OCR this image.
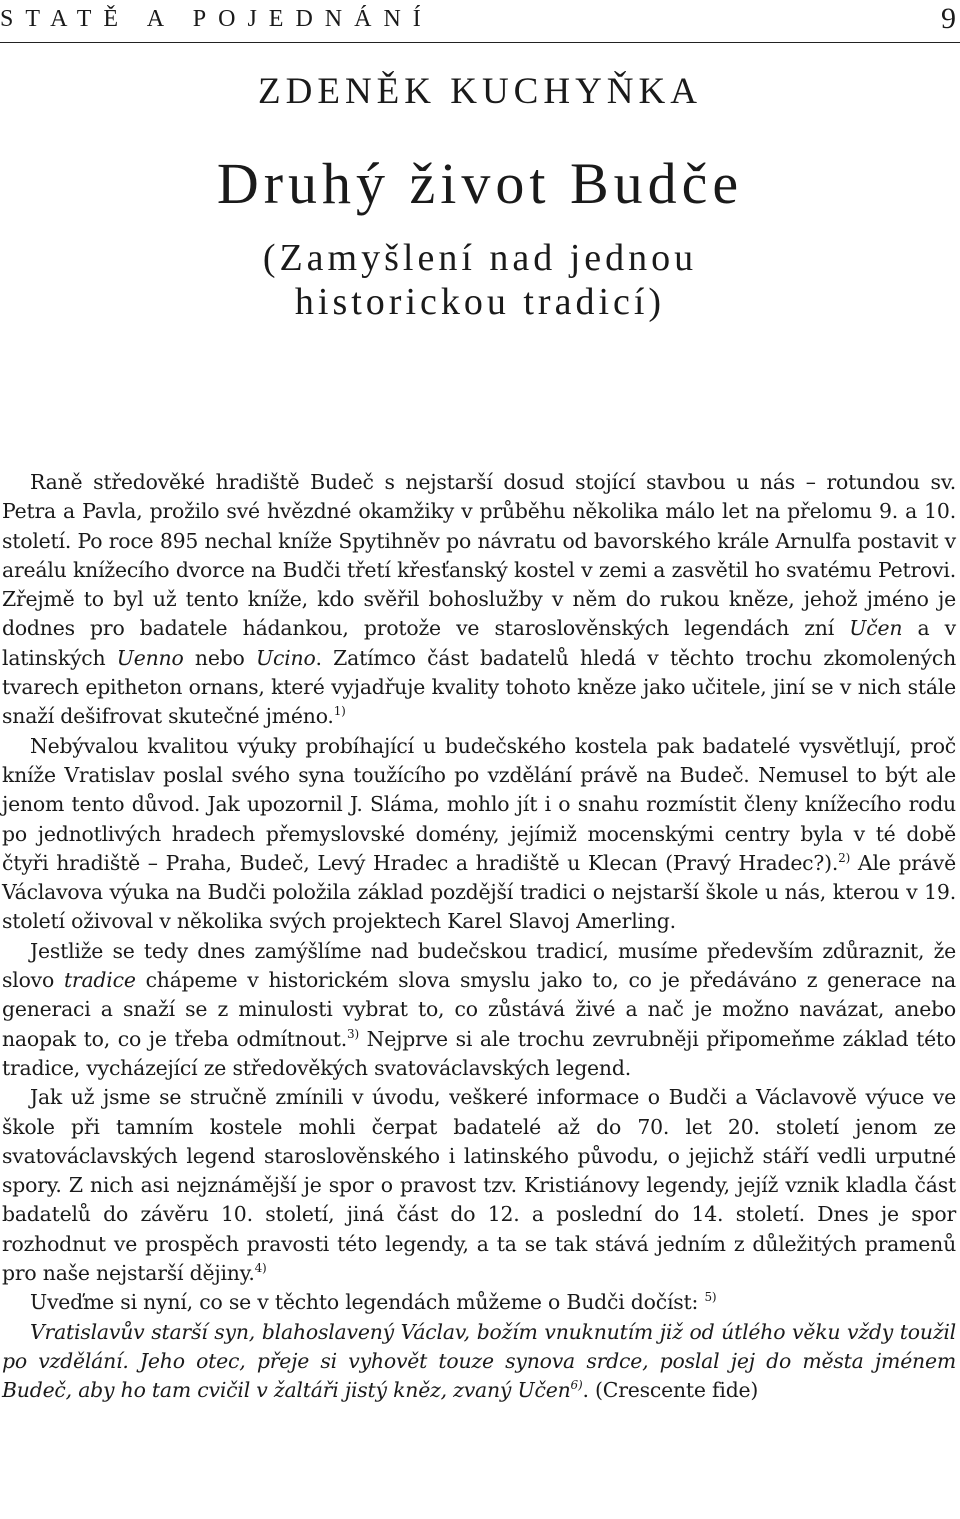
STATĚ A POJEDNÁNÍ	9
ZDENĚK KUCHYŇKA
Druhý život Budče
(Zamyšlení nad jednou
historickou tradicí)

Raně středověké hradiště Budeč s nejstarší dosud stojící stavbou u nás – rotundou sv. Petra a Pavla, prožilo své hvězdné okamžiky v průběhu několika málo let na přelomu 9. a 10. století. Po roce 895 nechal kníže Spytihněv po návratu od bavorského krále Arnulfa postavit v areálu knížecího dvorce na Budči třetí křesťanský kostel v zemi a zasvětil ho svatému Petrovi. Zřejmě to byl už tento kníže, kdo svěřil bohoslužby v něm do rukou kněze, jehož jméno je dodnes pro badatele hádankou, protože ve staroslověnských legendách zní Učen a v latinských Uenno nebo Ucino. Zatímco část badatelů hledá v těchto trochu zkomolených tvarech epitheton ornans, které vyjadřuje kvality tohoto kněze jako učitele, jiní se v nich stále snaží dešifrovat skutečné jméno.$^{1)}$

Nebývalou kvalitou výuky probíhající u budečského kostela pak badatelé vysvětlují, proč kníže Vratislav poslal svého syna toužícího po vzdělání právě na Budeč. Nemusel to být ale jenom tento důvod. Jak upozornil J. Sláma, mohlo jít i o snahu rozmístit členy knížecího rodu po jednotlivých hradech přemyslovské domény, jejímiž mocenskými centry byla v té době čtyři hradiště – Praha, Budeč, Levý Hradec a hradiště u Klecan (Pravý Hradec?).$^{2)}$ Ale právě Václavova výuka na Budči položila základ pozdější tradici o nejstarší škole u nás, kterou v 19. století oživoval v několika svých projektech Karel Slavoj Amerling.

Jestliže se tedy dnes zamýšlíme nad budečskou tradicí, musíme především zdůraznit, že slovo tradice chápeme v historickém slova smyslu jako to, co je předáváno z generace na generaci a snaží se z minulosti vybrat to, co zůstává živé a nač je možno navázat, anebo naopak to, co je třeba odmítnout.$^{3)}$ Nejprve si ale trochu zevrubněji připomeňme základ této tradice, vycházející ze středověkých svatováclavských legend.

Jak už jsme se stručně zmínili v úvodu, veškeré informace o Budči a Václavově výuce ve škole při tamním kostele mohli čerpat badatelé až do 70. let 20. století jenom ze svatováclavských legend staroslověnského i latinského původu, o jejichž stáří vedli urputné spory. Z nich asi nejznámější je spor o pravost tzv. Kristiánovy legendy, jejíž vznik kladla část badatelů do závěru 10. století, jiná část do 12. a poslední do 14. století. Dnes je spor rozhodnut ve prospěch pravosti této legendy, a ta se tak stává jedním z důležitých pramenů pro naše nejstarší dějiny.$^{4)}$

Uveďme si nyní, co se v těchto legendách můžeme o Budči dočíst: $^{5)}$

Vratislavův starší syn, blahoslavený Václav, božím vnuknutím již od útlého věku vždy toužil po vzdělání. Jeho otec, přeje si vyhovět touze synova srdce, poslal jej do města jménem Budeč, aby ho tam cvičil v žaltáři jistý kněz, zvaný Učen$^{6)}$. (Crescente fide)
